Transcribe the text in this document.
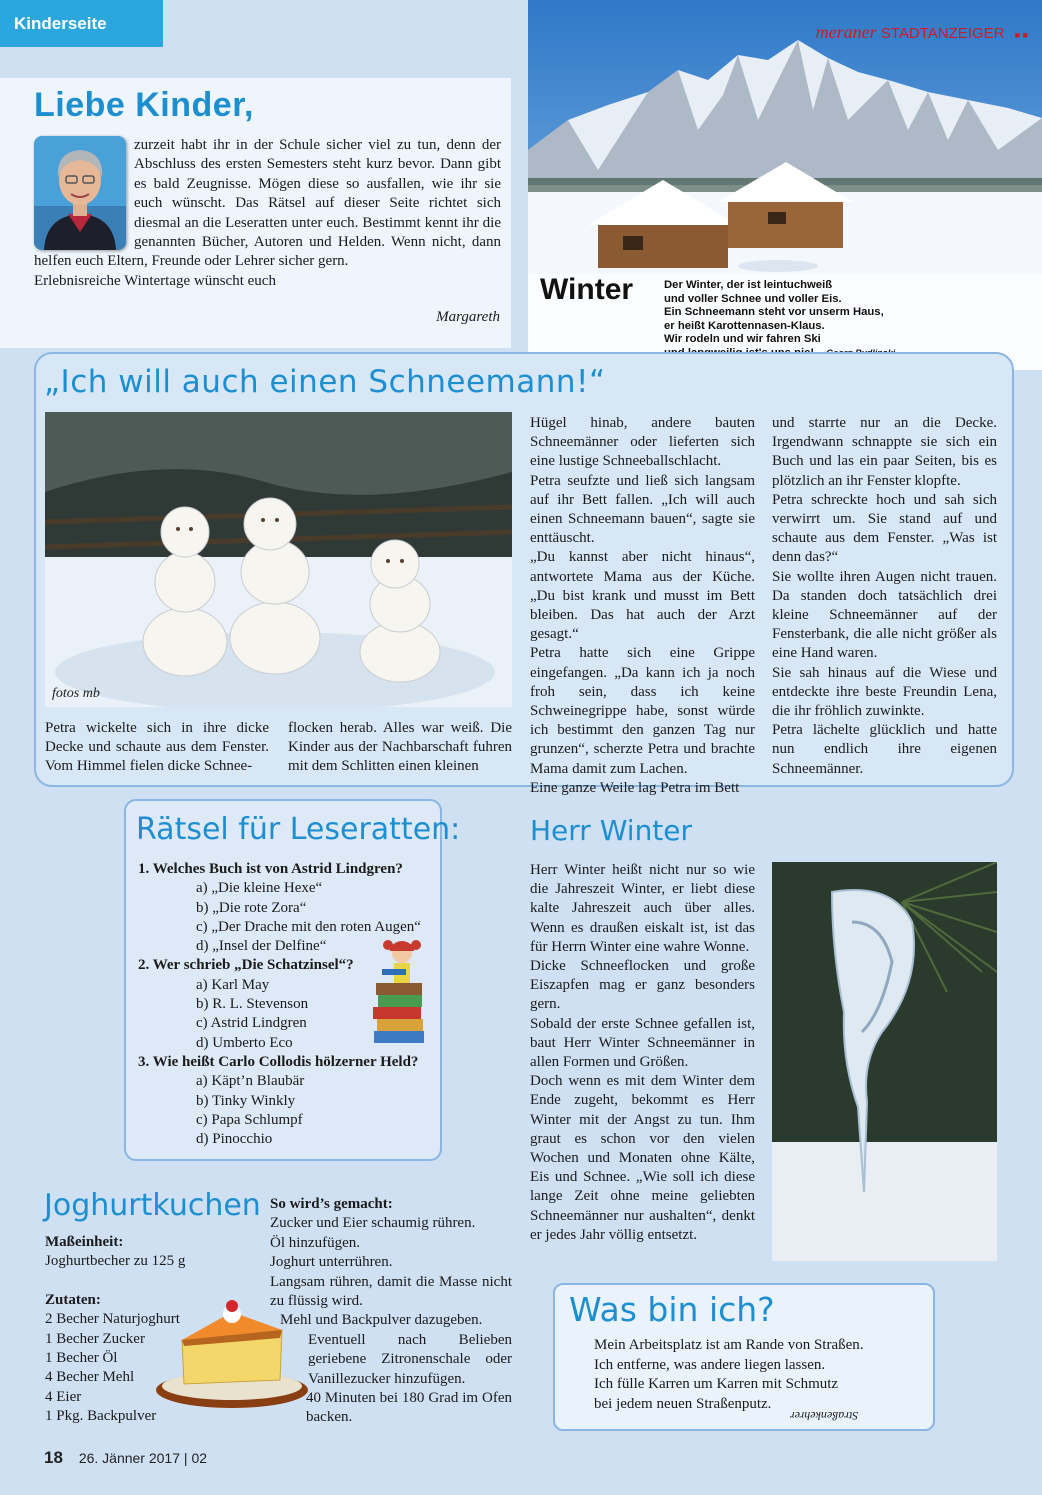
Kinderseite
Liebe Kinder,
zurzeit habt ihr in der Schule sicher viel zu tun, denn der Abschluss des ersten Semesters steht kurz bevor. Dann gibt es bald Zeugnisse. Mögen diese so ausfallen, wie ihr sie euch wünscht. Das Rätsel auf dieser Seite richtet sich diesmal an die Leseratten unter euch. Bestimmt kennt ihr die genannten Bücher, Autoren und Helden. Wenn nicht, dann helfen euch Eltern, Freunde oder Lehrer sicher gern.
Erlebnisreiche Wintertage wünscht euch

Margareth

meraner STADTANZEIGER ■ ■

Winter	Der Winter, der ist leintuchweiß
und voller Schnee und voller Eis.
Ein Schneemann steht vor unserm Haus,
er heißt Karottennasen-Klaus.
Wir rodeln und wir fahren Ski
„Ich will auch einen Schneemann!“

fotos mb

Petra wickelte sich in ihre dicke Decke und schaute aus dem Fenster. Vom Himmel fielen dicke Schnee-

flocken herab. Alles war weiß. Die Kinder aus der Nachbarschaft fuhren mit dem Schlitten einen kleinen

Hügel hinab, andere bauten Schneemänner oder lieferten sich eine lustige Schneeballschlacht.

Petra seufzte und ließ sich langsam auf ihr Bett fallen. „Ich will auch einen Schneemann bauen“, sagte sie enttäuscht.

„Du kannst aber nicht hinaus“, antwortete Mama aus der Küche. „Du bist krank und musst im Bett bleiben. Das hat auch der Arzt gesagt.“

Petra hatte sich eine Grippe eingefangen. „Da kann ich ja noch froh sein, dass ich keine Schweinegrippe habe, sonst würde ich bestimmt den ganzen Tag nur grunzen“, scherzte Petra und brachte Mama damit zum Lachen.

Eine ganze Weile lag Petra im Bett

und starrte nur an die Decke. Irgendwann schnappte sie sich ein Buch und las ein paar Seiten, bis es plötzlich an ihr Fenster klopfte.

Petra schreckte hoch und sah sich verwirrt um. Sie stand auf und schaute aus dem Fenster. „Was ist denn das?“

Sie wollte ihren Augen nicht trauen. Da standen doch tatsächlich drei kleine Schneemänner auf der Fensterbank, die alle nicht größer als eine Hand waren.

Sie sah hinaus auf die Wiese und entdeckte ihre beste Freundin Lena, die ihr fröhlich zuwinkte.

Petra lächelte glücklich und hatte nun endlich ihre eigenen Schneemänner.

Rätsel für Leseratten:
1. Welches Buch ist von Astrid Lindgren?
a) „Die kleine Hexe“
b) „Die rote Zora“
c) „Der Drache mit den roten Augen“
d) „Insel der Delfine“
2. Wer schrieb „Die Schatzinsel“?
a) Karl May
b) R. L. Stevenson
c) Astrid Lindgren
d) Umberto Eco
3. Wie heißt Carlo Collodis hölzerner Held?
a) Käpt’n Blaubär
b) Tinky Winkly
c) Papa Schlumpf
d) Pinocchio
Herr Winter

Herr Winter heißt nicht nur so wie die Jahreszeit Winter, er liebt diese kalte Jahreszeit auch über alles. Wenn es draußen eiskalt ist, ist das für Herrn Winter eine wahre Wonne.

Dicke Schneeflocken und große Eiszapfen mag er ganz besonders gern.

Sobald der erste Schnee gefallen ist, baut Herr Winter Schneemänner in allen Formen und Größen.

Doch wenn es mit dem Winter dem Ende zugeht, bekommt es Herr Winter mit der Angst zu tun. Ihm graut es schon vor den vielen Wochen und Monaten ohne Kälte, Eis und Schnee. „Wie soll ich diese lange Zeit ohne meine geliebten Schneemänner nur aushalten“, denkt er jedes Jahr völlig entsetzt.

Joghurtkuchen
Maßeinheit:
Joghurtbecher zu 125 g
Zutaten:
2 Becher Naturjoghurt
1 Becher Zucker
1 Becher Öl
4 Becher Mehl
4 Eier
1 Pkg. Backpulver
So wird’s gemacht:
Zucker und Eier schaumig rühren.
Öl hinzufügen.
Joghurt unterrühren.
Langsam rühren, damit die Masse nicht zu flüssig wird.
Mehl und Backpulver dazugeben.
Eventuell nach Belieben geriebene Zitronenschale oder Vanillezucker hinzufügen.
40 Minuten bei 180 Grad im Ofen backen.
Was bin ich?
Mein Arbeitsplatz ist am Rande von Straßen.
Ich entferne, was andere liegen lassen.
Ich fülle Karren um Karren mit Schmutz
bei jedem neuen Straßenputz.

Straßenkehrer

18 26. Jänner 2017 | 02
